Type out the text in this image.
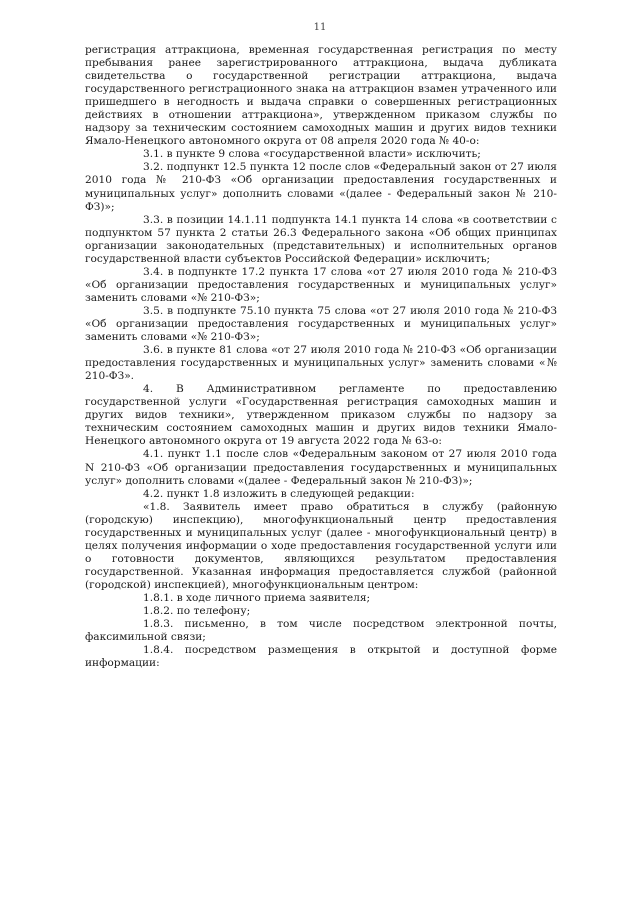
11

регистрация аттракциона, временная государственная регистрация по месту пребывания ранее зарегистрированного аттракциона, выдача дубликата свидетельства о государственной регистрации аттракциона, выдача государственного регистрационного знака на аттракцион взамен утраченного или пришедшего в негодность и выдача справки о совершенных регистрационных действиях в отношении аттракциона», утвержденном приказом службы по надзору за техническим состоянием самоходных машин и других видов техники Ямало-Ненецкого автономного округа от 08 апреля 2020 года № 40-о:

3.1. в пункте 9 слова «государственной власти» исключить;

3.2. подпункт 12.5 пункта 12 после слов «Федеральный закон от 27 июля 2010 года № 210-ФЗ «Об организации предоставления государственных и муниципальных услуг» дополнить словами «(далее - Федеральный закон № 210-ФЗ)»;

3.3. в позиции 14.1.11 подпункта 14.1 пункта 14 слова «в соответствии с подпунктом 57 пункта 2 статьи 26.3 Федерального закона «Об общих принципах организации законодательных (представительных) и исполнительных органов государственной власти субъектов Российской Федерации» исключить;

3.4. в подпункте 17.2 пункта 17 слова «от 27 июля 2010 года № 210-ФЗ «Об организации предоставления государственных и муниципальных услуг» заменить словами «№ 210-ФЗ»;

3.5. в подпункте 75.10 пункта 75 слова «от 27 июля 2010 года № 210-ФЗ «Об организации предоставления государственных и муниципальных услуг» заменить словами «№ 210-ФЗ»;

3.6. в пункте 81 слова «от 27 июля 2010 года № 210-ФЗ «Об организации предоставления государственных и муниципальных услуг» заменить словами «№ 210-ФЗ».

4. В Административном регламенте по предоставлению государственной услуги «Государственная регистрация самоходных машин и других видов техники», утвержденном приказом службы по надзору за техническим состоянием самоходных машин и других видов техники Ямало-Ненецкого автономного округа от 19 августа 2022 года № 63-о:

4.1. пункт 1.1 после слов «Федеральным законом от 27 июля 2010 года N 210-ФЗ «Об организации предоставления государственных и муниципальных услуг» дополнить словами «(далее - Федеральный закон № 210-ФЗ)»;

4.2. пункт 1.8 изложить в следующей редакции:

«1.8. Заявитель имеет право обратиться в службу (районную (городскую) инспекцию), многофункциональный центр предоставления государственных и муниципальных услуг (далее - многофункциональный центр) в целях получения информации о ходе предоставления государственной услуги или о готовности документов, являющихся результатом предоставления государственной. Указанная информация предоставляется службой (районной (городской) инспекцией), многофункциональным центром:

1.8.1. в ходе личного приема заявителя;

1.8.2. по телефону;

1.8.3. письменно, в том числе посредством электронной почты, факсимильной связи;

1.8.4. посредством размещения в открытой и доступной форме информации:
